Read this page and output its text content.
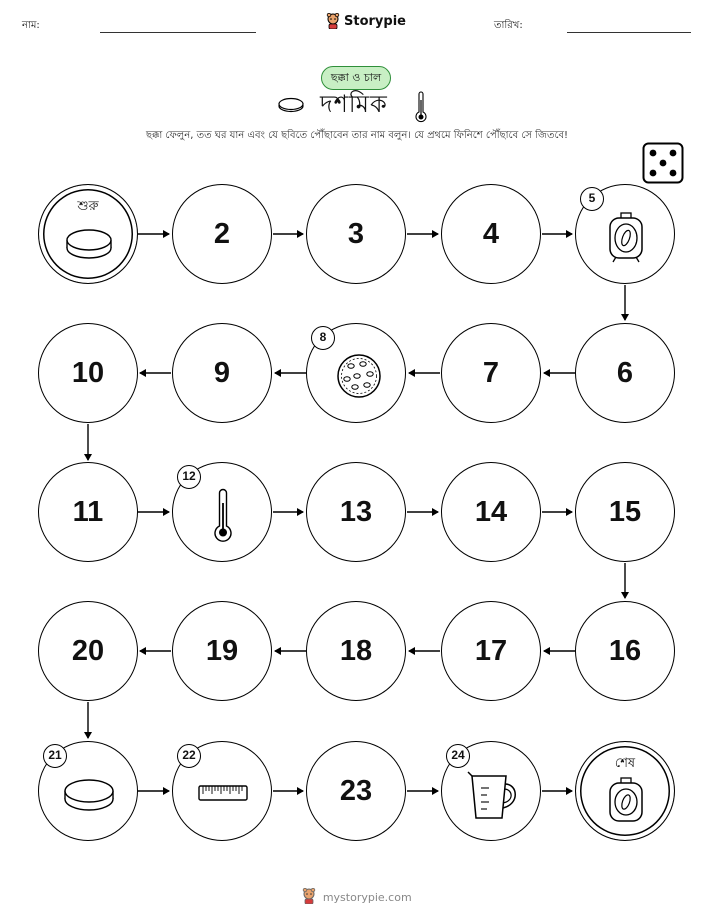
নাম:	Storypie	তারিখ:
ছক্কা ও চাল
দশমিক
ছক্কা ফেলুন, তত ঘর যান এবং যে ছবিতে পৌঁছাবেন তার নাম বলুন। যে প্রথমে ফিনিশে পৌঁছাবে সে জিতবে!
শুরু
2	3	4
5
10	9
8
7	6
11
12
13	14	15
20	19	18	17	16
21	22
23
24
শেষ
mystorypie.com
